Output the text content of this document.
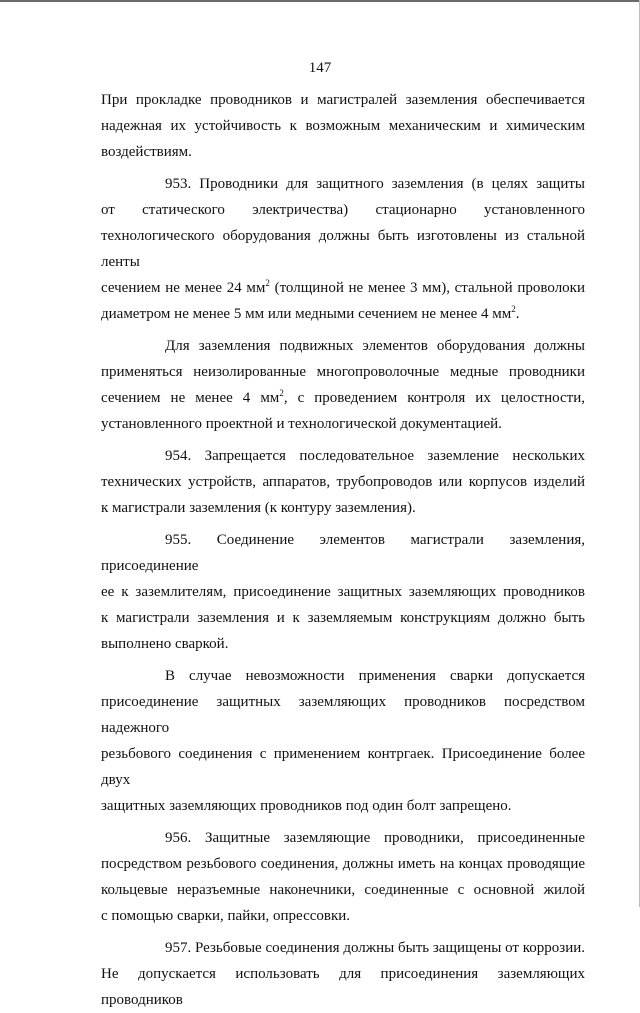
147

При прокладке проводников и магистралей заземления обеспечивается

надежная их устойчивость к возможным механическим и химическим

воздействиям.

953. Проводники для защитного заземления (в целях защиты

от статического электричества) стационарно установленного

технологического оборудования должны быть изготовлены из стальной ленты

сечением не менее 24 $мм^2$ (толщиной не менее 3 мм), стальной проволоки

диаметром не менее 5 мм или медными сечением не менее 4 $мм^2$.

Для заземления подвижных элементов оборудования должны

применяться неизолированные многопроволочные медные проводники

сечением не менее 4 $мм^2$, с проведением контроля их целостности,

установленного проектной и технологической документацией.

954. Запрещается последовательное заземление нескольких

технических устройств, аппаратов, трубопроводов или корпусов изделий

к магистрали заземления (к контуру заземления).

955. Соединение элементов магистрали заземления, присоединение

ее к заземлителям, присоединение защитных заземляющих проводников

к магистрали заземления и к заземляемым конструкциям должно быть

выполнено сваркой.

В случае невозможности применения сварки допускается

присоединение защитных заземляющих проводников посредством надежного

резьбового соединения с применением контргаек. Присоединение более двух

защитных заземляющих проводников под один болт запрещено.

956. Защитные заземляющие проводники, присоединенные

посредством резьбового соединения, должны иметь на концах проводящие

кольцевые неразъемные наконечники, соединенные с основной жилой

с помощью сварки, пайки, опрессовки.

957. Резьбовые соединения должны быть защищены от коррозии.

Не допускается использовать для присоединения заземляющих проводников
